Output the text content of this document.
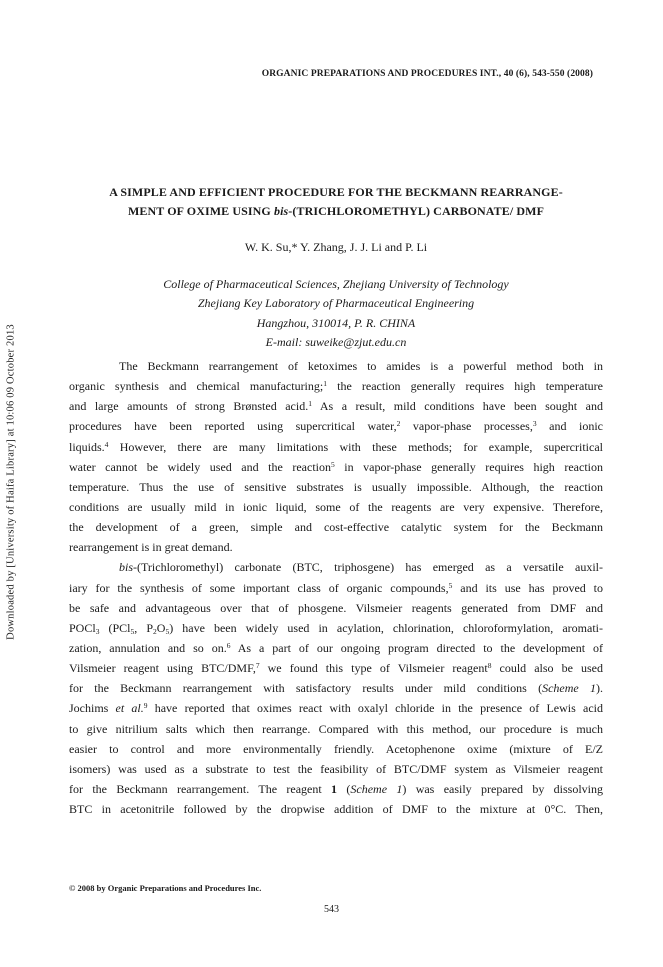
ORGANIC PREPARATIONS AND PROCEDURES INT., 40 (6), 543-550 (2008)
Downloaded by [University of Haifa Library] at 10:06 09 October 2013
A SIMPLE AND EFFICIENT PROCEDURE FOR THE BECKMANN REARRANGE-
MENT OF OXIME USING bis-(TRICHLOROMETHYL) CARBONATE/ DMF
W. K. Su,* Y. Zhang, J. J. Li and P. Li
College of Pharmaceutical Sciences, Zhejiang University of Technology
Zhejiang Key Laboratory of Pharmaceutical Engineering
Hangzhou, 310014, P. R. CHINA
E-mail: suweike@zjut.edu.cn
The Beckmann rearrangement of ketoximes to amides is a powerful method both in
organic synthesis and chemical manufacturing;$^1$ the reaction generally requires high temperature
and large amounts of strong Brønsted acid.$^1$ As a result, mild conditions have been sought and
procedures have been reported using supercritical water,$^2$ vapor-phase processes,$^3$ and ionic
liquids.$^4$ However, there are many limitations with these methods; for example, supercritical
water cannot be widely used and the reaction$^5$ in vapor-phase generally requires high reaction
temperature. Thus the use of sensitive substrates is usually impossible. Although, the reaction
conditions are usually mild in ionic liquid, some of the reagents are very expensive. Therefore,
the development of a green, simple and cost-effective catalytic system for the Beckmann
rearrangement is in great demand.
bis-(Trichloromethyl) carbonate (BTC, triphosgene) has emerged as a versatile auxil-
iary for the synthesis of some important class of organic compounds,$^5$ and its use has proved to
be safe and advantageous over that of phosgene. Vilsmeier reagents generated from DMF and
POCl$_3$ (PCl$_5$, $P_2O_5$) have been widely used in acylation, chlorination, chloroformylation, aromati-
zation, annulation and so on.$^6$ As a part of our ongoing program directed to the development of
Vilsmeier reagent using BTC/DMF,$^7$ we found this type of Vilsmeier reagent$^8$ could also be used
for the Beckmann rearrangement with satisfactory results under mild conditions (Scheme 1).
Jochims et al.$^9$ have reported that oximes react with oxalyl chloride in the presence of Lewis acid
to give nitrilium salts which then rearrange. Compared with this method, our procedure is much
easier to control and more environmentally friendly. Acetophenone oxime (mixture of E/Z
isomers) was used as a substrate to test the feasibility of BTC/DMF system as Vilsmeier reagent
for the Beckmann rearrangement. The reagent 1 (Scheme 1) was easily prepared by dissolving
BTC in acetonitrile followed by the dropwise addition of DMF to the mixture at 0°C. Then,
© 2008 by Organic Preparations and Procedures Inc.
543
